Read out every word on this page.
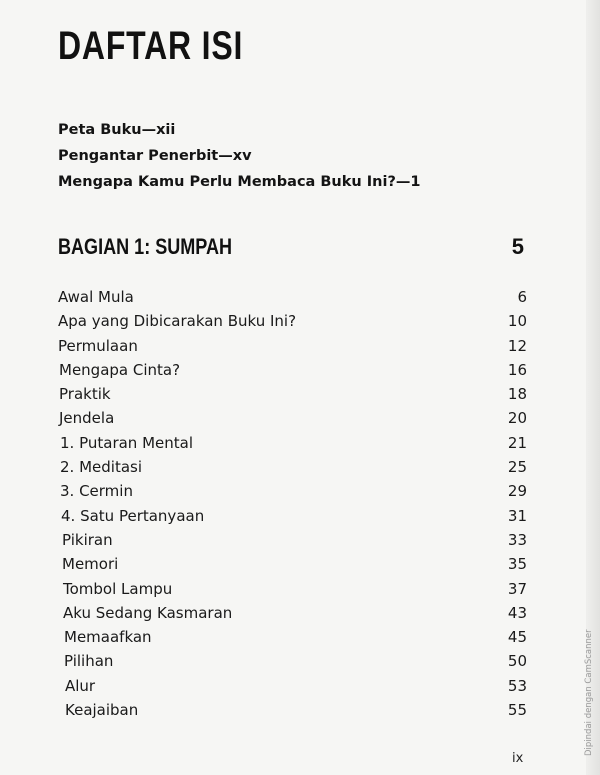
DAFTAR ISI
Peta Buku—xii
Pengantar Penerbit—xv
Mengapa Kamu Perlu Membaca Buku Ini?—1
BAGIAN 1: SUMPAH	5
Awal Mula	6
Apa yang Dibicarakan Buku Ini?	10
Permulaan	12
Mengapa Cinta?	16
Praktik	18
Jendela	20
1. Putaran Mental	21
2. Meditasi	25
3. Cermin	29
4. Satu Pertanyaan	31
Pikiran	33
Memori	35
Tombol Lampu	37
Aku Sedang Kasmaran	43
Memaafkan	45
Pilihan	50
Alur	53
Keajaiban	55
ix
Dipindai dengan CamScanner
